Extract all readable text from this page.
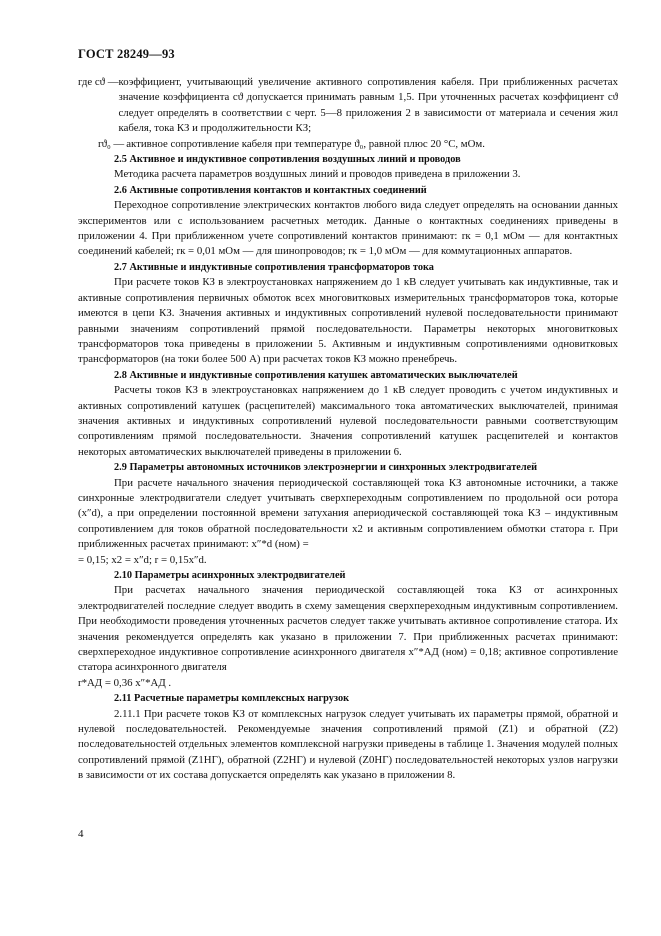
ГОСТ 28249—93
где cϑ — коэффициент, учитывающий увеличение активного сопротивления кабеля. При приближенных расчетах значение коэффициента cϑ допускается принимать равным 1,5. При уточненных расчетах коэффициент cϑ следует определять в соответствии с черт. 5—8 приложения 2 в зависимости от материала и сечения жил кабеля, тока КЗ и продолжительности КЗ;
rϑ₀ — активное сопротивление кабеля при температуре ϑ₀, равной плюс 20 °С, мОм.
2.5 Активное и индуктивное сопротивления воздушных линий и проводов

Методика расчета параметров воздушных линий и проводов приведена в приложении 3.

2.6 Активные сопротивления контактов и контактных соединений

Переходное сопротивление электрических контактов любого вида следует определять на основании данных экспериментов или с использованием расчетных методик. Данные о контактных соединениях приведены в приложении 4. При приближенном учете сопротивлений контактов принимают: rк = 0,1 мОм — для контактных соединений кабелей; rк = 0,01 мОм — для шинопроводов; rк = 1,0 мОм — для коммутационных аппаратов.

2.7 Активные и индуктивные сопротивления трансформаторов тока

При расчете токов КЗ в электроустановках напряжением до 1 кВ следует учитывать как индуктивные, так и активные сопротивления первичных обмоток всех многовитковых измерительных трансформаторов тока, которые имеются в цепи КЗ. Значения активных и индуктивных сопротивлений нулевой последовательности принимают равными значениям сопротивлений прямой последовательности. Параметры некоторых многовитковых трансформаторов тока приведены в приложении 5. Активным и индуктивным сопротивлениями одновитковых трансформаторов (на токи более 500 А) при расчетах токов КЗ можно пренебречь.

2.8 Активные и индуктивные сопротивления катушек автоматических выключателей

Расчеты токов КЗ в электроустановках напряжением до 1 кВ следует проводить с учетом индуктивных и активных сопротивлений катушек (расцепителей) максимального тока автоматических выключателей, принимая значения активных и индуктивных сопротивлений нулевой последовательности равными соответствующим сопротивлениям прямой последовательности. Значения сопротивлений катушек расцепителей и контактов некоторых автоматических выключателей приведены в приложении 6.

2.9 Параметры автономных источников электроэнергии и синхронных электродвигателей

При расчете начального значения периодической составляющей тока КЗ автономные источники, а также синхронные электродвигатели следует учитывать сверхпереходным сопротивлением по продольной оси ротора (x″d), а при определении постоянной времени затухания апериодической составляющей тока КЗ – индуктивным сопротивлением для токов обратной последовательности x2 и активным сопротивлением обмотки статора r. При приближенных расчетах принимают: x″*d (ном) =

= 0,15; x2 = x″d; r = 0,15x″d.

2.10 Параметры асинхронных электродвигателей

При расчетах начального значения периодической составляющей тока КЗ от асинхронных электродвигателей последние следует вводить в схему замещения сверхпереходным индуктивным сопротивлением. При необходимости проведения уточненных расчетов следует также учитывать активное сопротивление статора. Их значения рекомендуется определять как указано в приложении 7. При приближенных расчетах принимают: сверхпереходное индуктивное сопротивление асинхронного двигателя x″*АД (ном) = 0,18; активное сопротивление статора асинхронного двигателя

r*АД = 0,36 x″*АД .

2.11 Расчетные параметры комплексных нагрузок

2.11.1 При расчете токов КЗ от комплексных нагрузок следует учитывать их параметры прямой, обратной и нулевой последовательностей. Рекомендуемые значения сопротивлений прямой (Z1) и обратной (Z2) последовательностей отдельных элементов комплексной нагрузки приведены в таблице 1. Значения модулей полных сопротивлений прямой (Z1НГ), обратной (Z2НГ) и нулевой (Z0НГ) последовательностей некоторых узлов нагрузки в зависимости от их состава допускается определять как указано в приложении 8.

4
